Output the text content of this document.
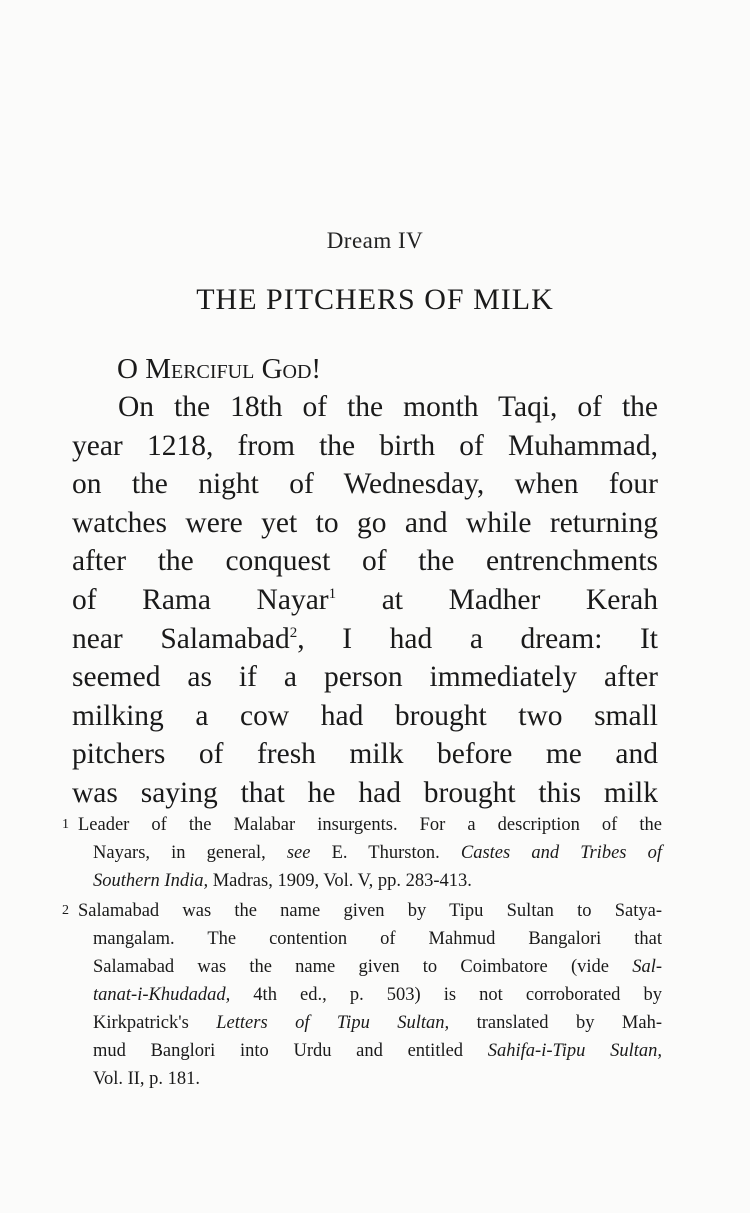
Dream IV
THE PITCHERS OF MILK
O Merciful God!
On the 18th of the month Taqi, of the
year 1218, from the birth of Muhammad,
on the night of Wednesday, when four
watches were yet to go and while returning
after the conquest of the entrenchments
of Rama Nayar$^1$ at Madher Kerah
near Salamabad$^2$, I had a dream: It
seemed as if a person immediately after
milking a cow had brought two small
pitchers of fresh milk before me and
was saying that he had brought this milk
1 Leader of the Malabar insurgents. For a description of the
Nayars, in general, see E. Thurston. Castes and Tribes of
Southern India, Madras, 1909, Vol. V, pp. 283-413.
2 Salamabad was the name given by Tipu Sultan to Satya-
mangalam. The contention of Mahmud Bangalori that
Salamabad was the name given to Coimbatore (vide Sal-
tanat-i-Khudadad, 4th ed., p. 503) is not corroborated by
Kirkpatrick's Letters of Tipu Sultan, translated by Mah-
mud Banglori into Urdu and entitled Sahifa-i-Tipu Sultan,
Vol. II, p. 181.
